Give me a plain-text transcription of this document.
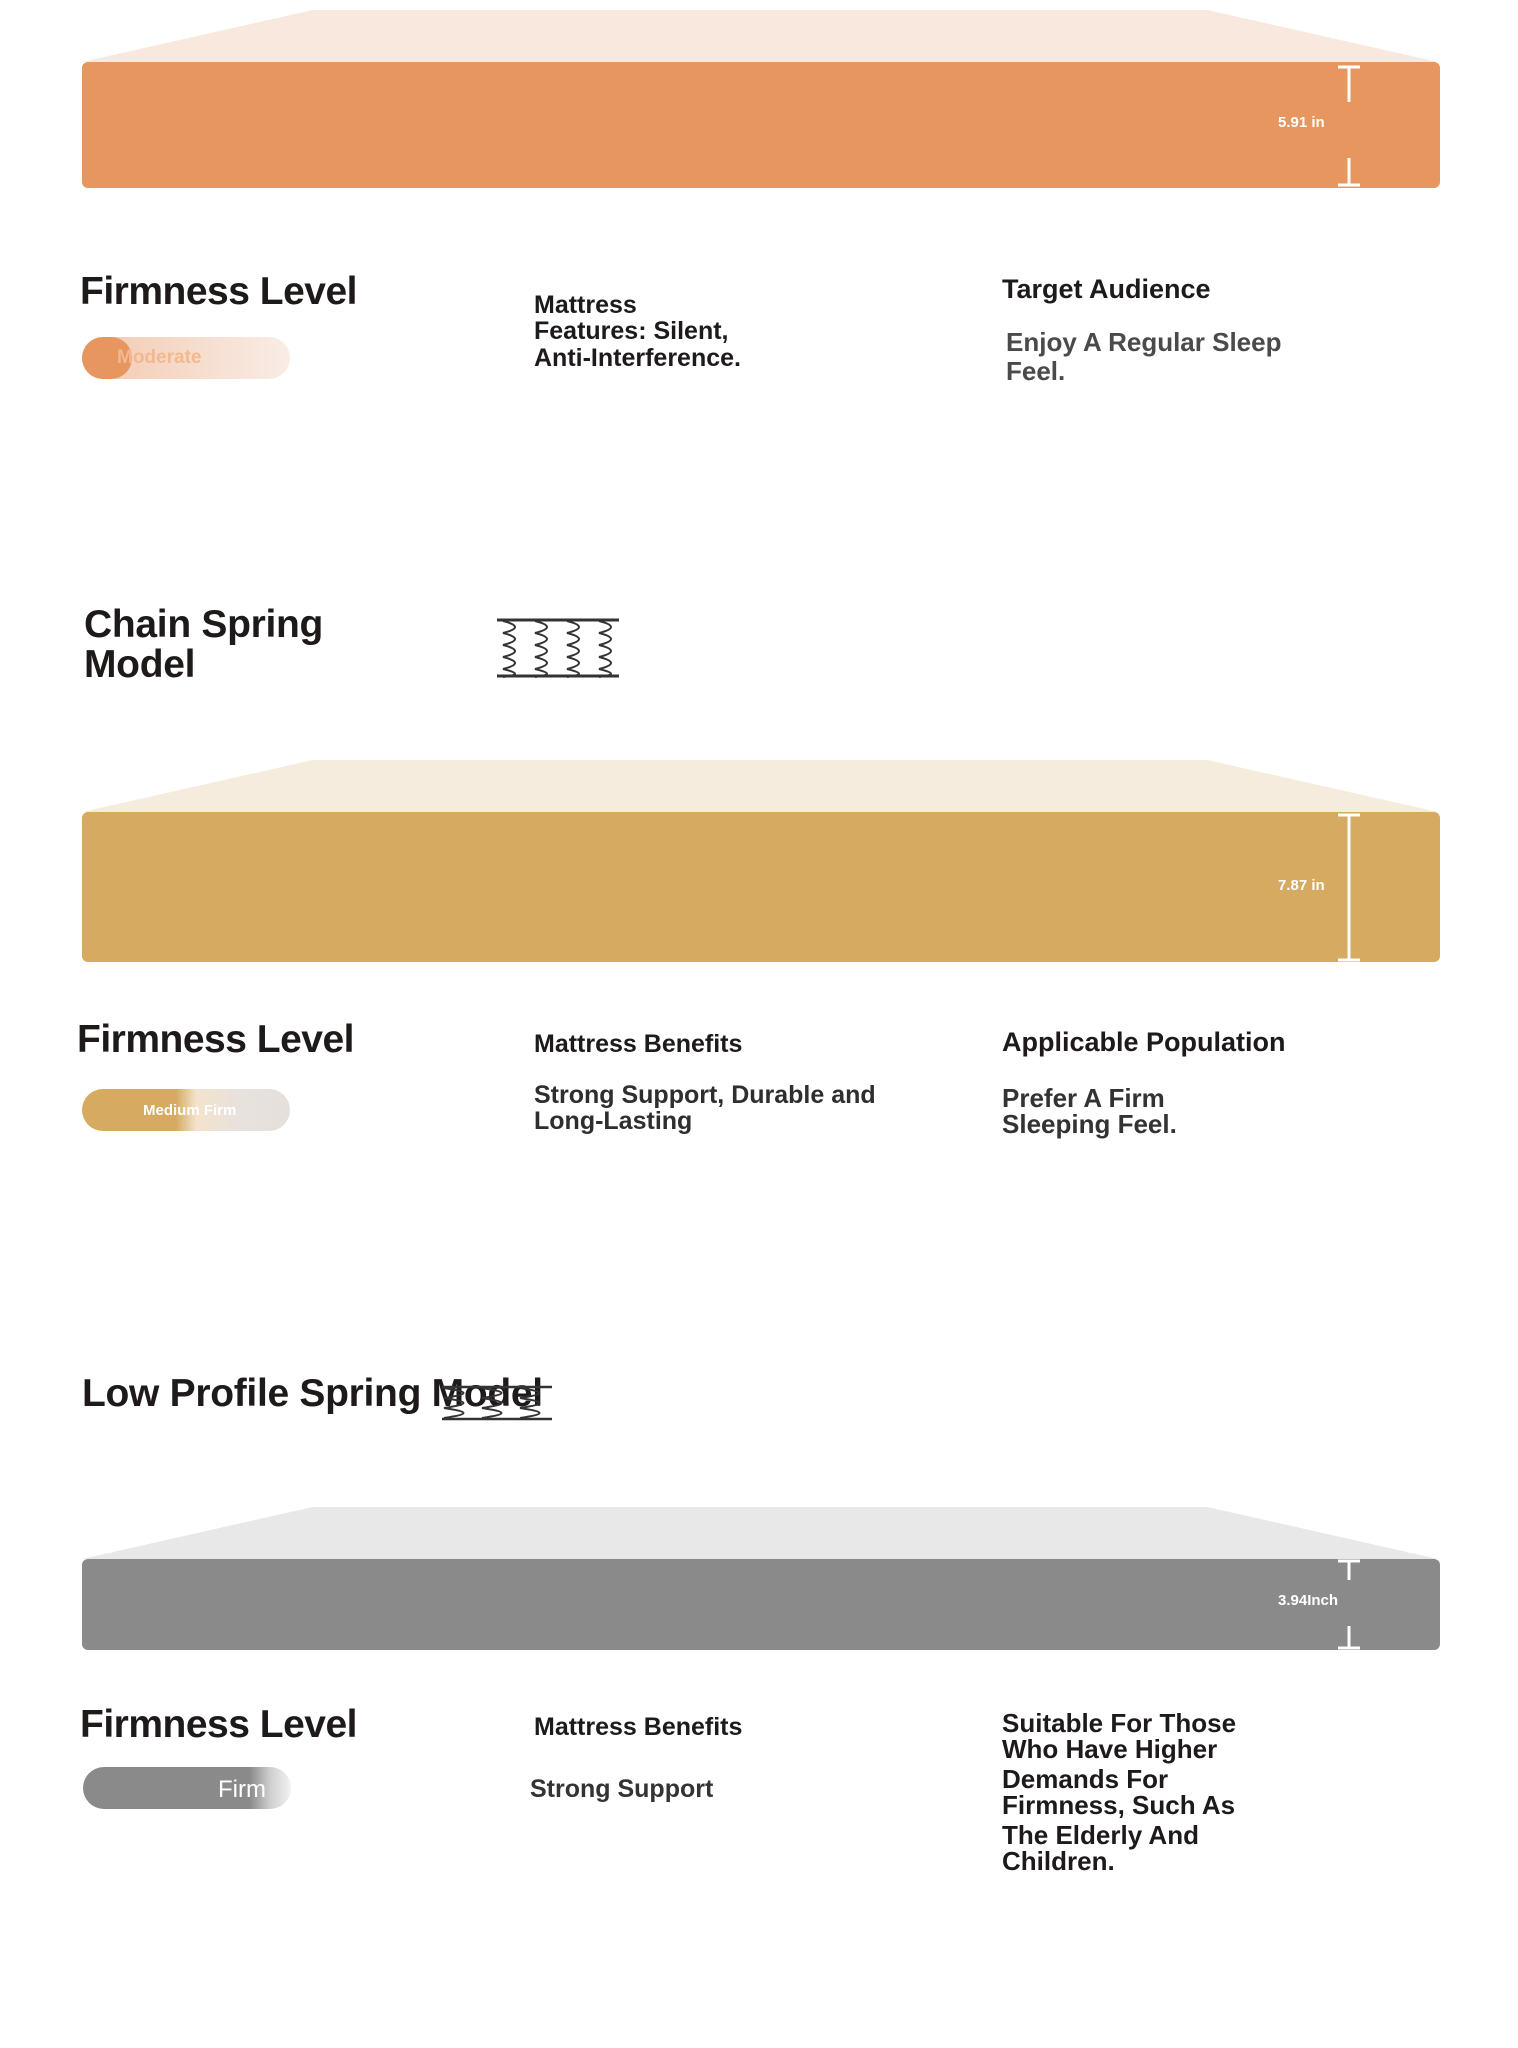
5.91 in
Firmness Level
Moderate
Mattress
Features: Silent,
Anti-Interference.
Target Audience
Enjoy A Regular Sleep
Feel.
Chain Spring
Model
7.87 in
Firmness Level
Medium Firm
Mattress Benefits
Strong Support, Durable and
Long-Lasting
Applicable Population
Prefer A Firm
Sleeping Feel.
Low Profile Spring Model
3.94Inch
Firmness Level
Firm
Mattress Benefits
Strong Support
Suitable For Those
Who Have Higher
Demands For
Firmness, Such As
The Elderly And
Children.
